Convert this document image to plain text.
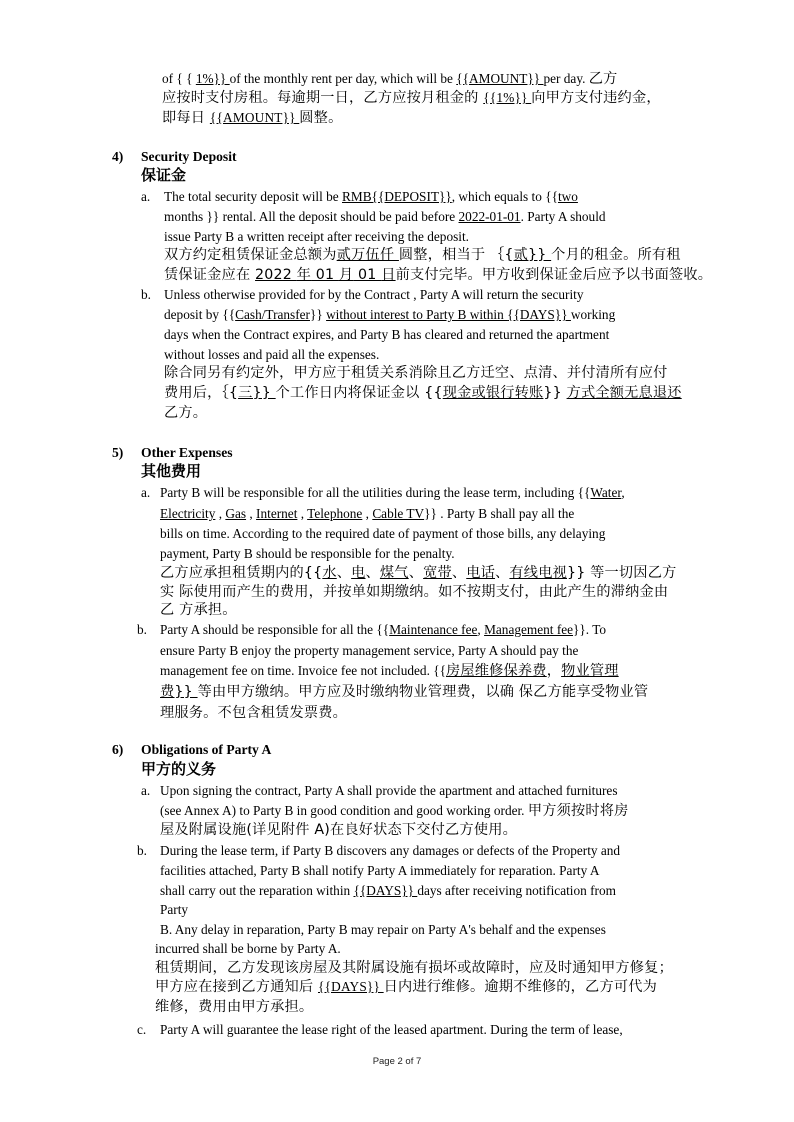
of { { 1%}} of the monthly rent per day, which will be {{AMOUNT}} per day. 乙方
应按时支付房租。每逾期一日，乙方应按月租金的 {{1%}} 向甲方支付违约金，
即每日 {{AMOUNT}} 圆整。
4) Security Deposit
保证金
a. The total security deposit will be RMB{{DEPOSIT}}, which equals to {{two
months }} rental. All the deposit should be paid before 2022-01-01. Party A should
issue Party B a written receipt after receiving the deposit.
双方约定租赁保证金总额为贰万伍仟 圆整，相当于 ｛{贰}} 个月的租金。所有租
赁保证金应在 2022 年 01 月 01 日前支付完毕。甲方收到保证金后应予以书面签收。
b. Unless otherwise provided for by the Contract , Party A will return the security
deposit by {{Cash/Transfer}} without interest to Party B within {{DAYS}} working
days when the Contract expires, and Party B has cleared and returned the apartment
without losses and paid all the expenses.
除合同另有约定外，甲方应于租赁关系消除且乙方迁空、点清、并付清所有应付
费用后，｛{三}} 个工作日内将保证金以 {{现金或银行转账}} 方式全额无息退还
乙方。
5) Other Expenses
其他费用
a. Party B will be responsible for all the utilities during the lease term, including {{Water,
Electricity , Gas , Internet , Telephone , Cable TV}} . Party B shall pay all the
bills on time. According to the required date of payment of those bills, any delaying
payment, Party B should be responsible for the penalty.
乙方应承担租赁期内的{{水、电、煤气、宽带、电话、有线电视}} 等一切因乙方
实 际使用而产生的费用，并按单如期缴纳。如不按期支付，由此产生的滞纳金由
乙 方承担。
b. Party A should be responsible for all the {{Maintenance fee, Management fee}}. To
ensure Party B enjoy the property management service, Party A should pay the
management fee on time. Invoice fee not included. {{房屋维修保养费，物业管理
费}} 等由甲方缴纳。甲方应及时缴纳物业管理费，以确 保乙方能享受物业管
理服务。不包含租赁发票费。
6) Obligations of Party A
甲方的义务
a. Upon signing the contract, Party A shall provide the apartment and attached furnitures
(see Annex A) to Party B in good condition and good working order. 甲方须按时将房
屋及附属设施(详见附件 A)在良好状态下交付乙方使用。
b. During the lease term, if Party B discovers any damages or defects of the Property and
facilities attached, Party B shall notify Party A immediately for reparation. Party A
shall carry out the reparation within {{DAYS}} days after receiving notification from
Party
B. Any delay in reparation, Party B may repair on Party A's behalf and the expenses
incurred shall be borne by Party A.
租赁期间，乙方发现该房屋及其附属设施有损坏或故障时，应及时通知甲方修复；
甲方应在接到乙方通知后 {{DAYS}} 日内进行维修。逾期不维修的，乙方可代为
维修，费用由甲方承担。
c. Party A will guarantee the lease right of the leased apartment. During the term of lease,
Page 2 of 7
